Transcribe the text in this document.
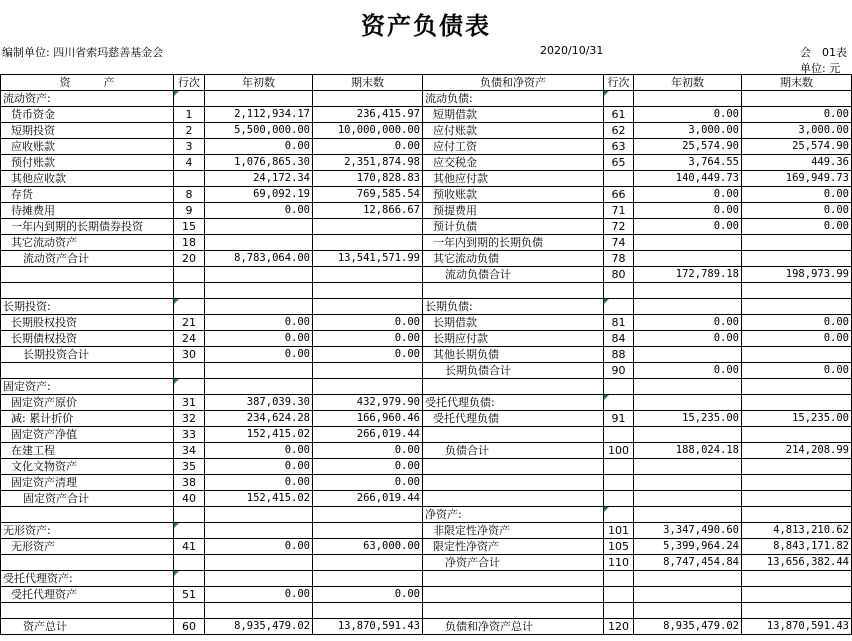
资产负债表
编制单位: 四川省索玛慈善基金会	2020/10/31	会 01表
单位: 元
资　　　产	行次	年初数	期末数	负债和净资产	行次	年初数	期末数
流动资产:				流动负债:			
货币资金	1	2,112,934.17	236,415.97	短期借款	61	0.00	0.00
短期投资	2	5,500,000.00	10,000,000.00	应付账款	62	3,000.00	3,000.00
应收账款	3	0.00	0.00	应付工资	63	25,574.90	25,574.90
预付账款	4	1,076,865.30	2,351,874.98	应交税金	65	3,764.55	449.36
其他应收款		24,172.34	170,828.83	其他应付款		140,449.73	169,949.73
存货	8	69,092.19	769,585.54	预收账款	66	0.00	0.00
待摊费用	9	0.00	12,866.67	预提费用	71	0.00	0.00
一年内到期的长期债券投资	15			预计负债	72	0.00	0.00
其它流动资产	18			一年内到期的长期负债	74		
流动资产合计	20	8,783,064.00	13,541,571.99	其它流动负债	78		
				流动负债合计	80	172,789.18	198,973.99

长期投资:				长期负债:			
长期股权投资	21	0.00	0.00	长期借款	81	0.00	0.00
长期债权投资	24	0.00	0.00	长期应付款	84	0.00	0.00
长期投资合计	30	0.00	0.00	其他长期负债	88		
				长期负债合计	90	0.00	0.00
固定资产:							
固定资产原价	31	387,039.30	432,979.90	受托代理负债:			
减: 累计折价	32	234,624.28	166,960.46	受托代理负债	91	15,235.00	15,235.00
固定资产净值	33	152,415.02	266,019.44				
在建工程	34	0.00	0.00	负债合计	100	188,024.18	214,208.99
文化文物资产	35	0.00	0.00				
固定资产清理	38	0.00	0.00				
固定资产合计	40	152,415.02	266,019.44				
				净资产:			
无形资产:				非限定性净资产	101	3,347,490.60	4,813,210.62
无形资产	41	0.00	63,000.00	限定性净资产	105	5,399,964.24	8,843,171.82
				净资产合计	110	8,747,454.84	13,656,382.44
受托代理资产:							
受托代理资产	51	0.00	0.00				

资产总计	60	8,935,479.02	13,870,591.43	负债和净资产总计	120	8,935,479.02	13,870,591.43
